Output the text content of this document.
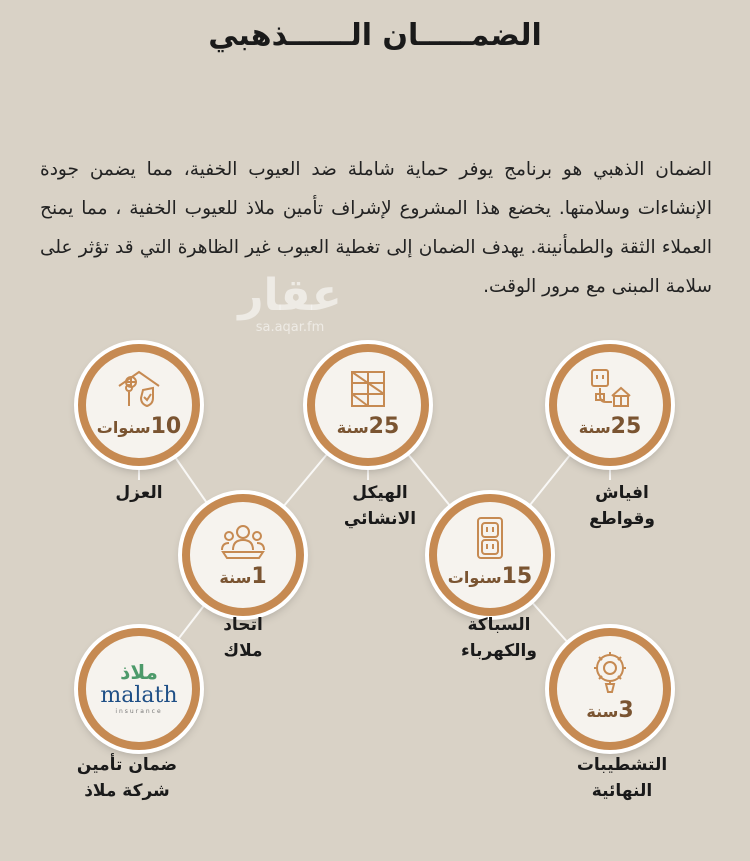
الضمـــــان الــــــذهبي
الضمان الذهبي هو برنامج يوفر حماية شاملة ضد العيوب الخفية، مما يضمن جودة الإنشاءات وسلامتها. يخضع هذا المشروع لإشراف تأمين ملاذ للعيوب الخفية ، مما يمنح العملاء الثقة والطمأنينة. يهدف الضمان إلى تغطية العيوب غير الظاهرة التي قد تؤثر على سلامة المبنى مع مرور الوقت.
عقار
sa.aqar.fm
10سنوات
العزل
25سنة
الهيكل
الانشائي
25سنة
افياش
وقواطع
1سنة
اتحاد
ملاك
15سنوات
السباكة
والكهرباء
ملاذ
malath
insurance
ضمان تأمين
شركة ملاذ
3سنة
التشطيبات
النهائية
